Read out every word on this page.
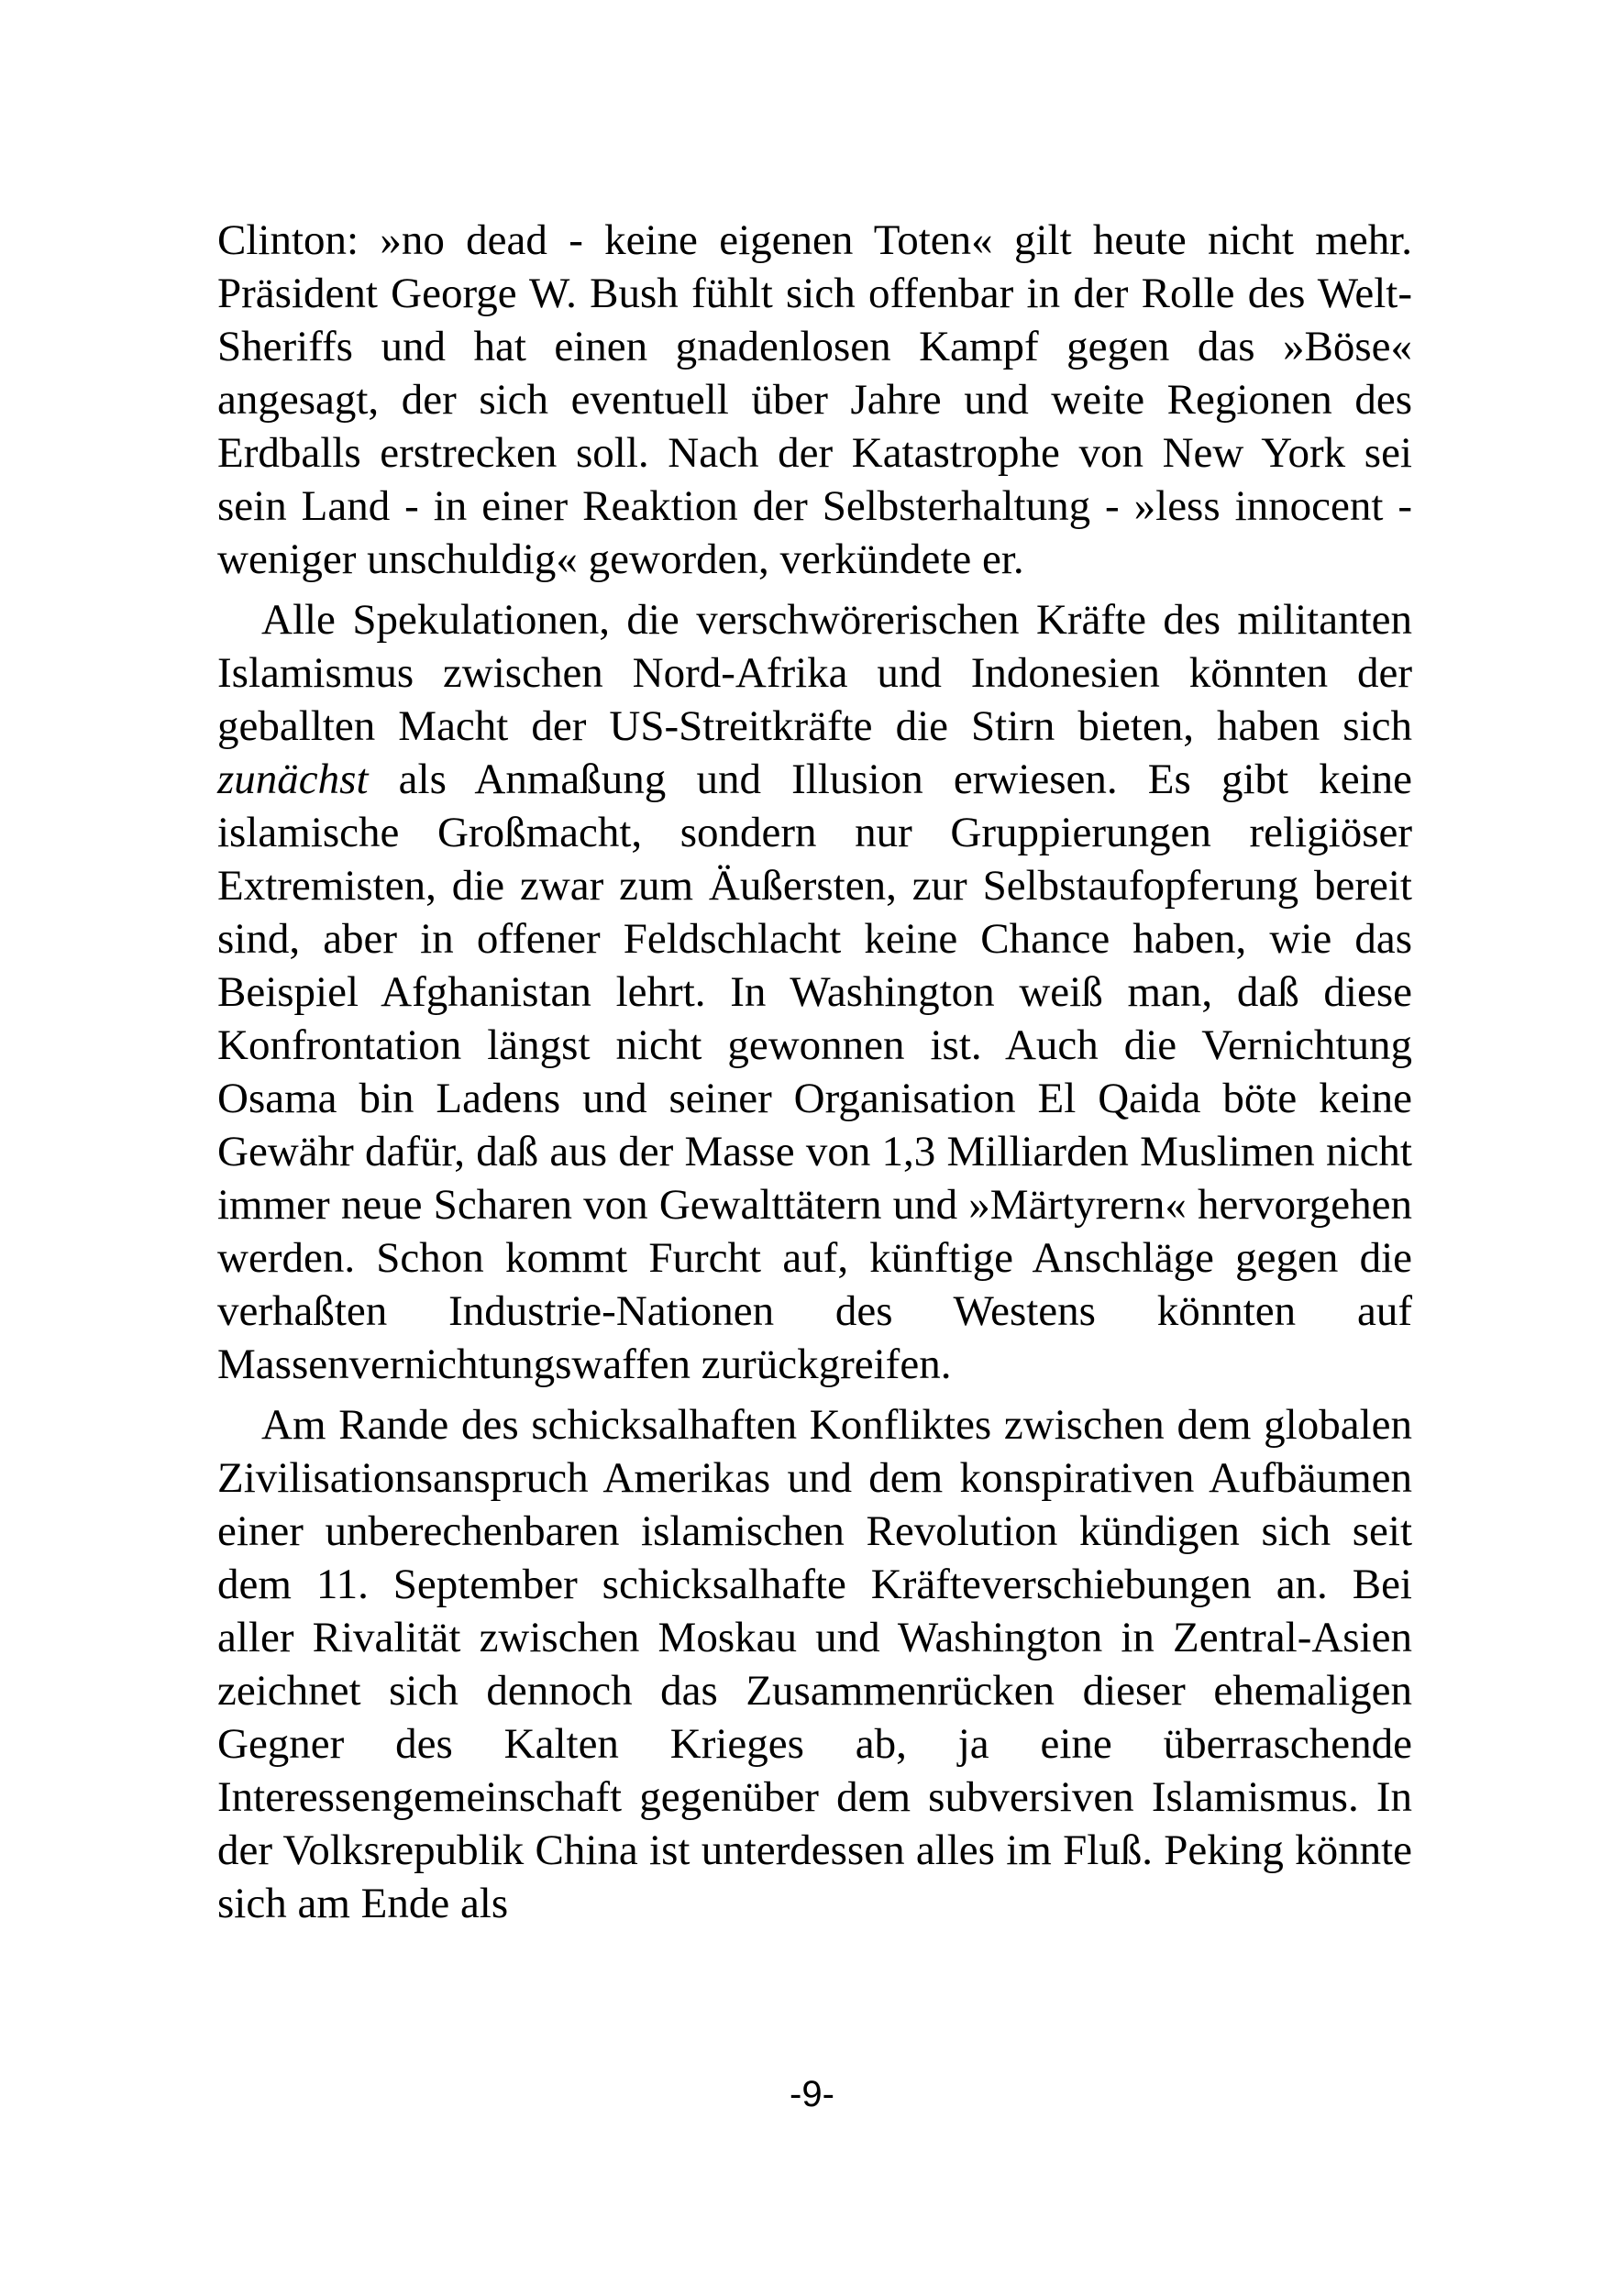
Clinton: »no dead - keine eigenen Toten« gilt heute nicht mehr. Präsident George W. Bush fühlt sich offenbar in der Rolle des Welt-Sheriffs und hat einen gnadenlosen Kampf gegen das »Böse« angesagt, der sich eventuell über Jahre und weite Regionen des Erdballs erstrecken soll. Nach der Katastrophe von New York sei sein Land - in einer Reaktion der Selbsterhaltung - »less innocent - weniger unschuldig« geworden, verkündete er.

Alle Spekulationen, die verschwörerischen Kräfte des militanten Islamismus zwischen Nord-Afrika und Indonesien könnten der geballten Macht der US-Streitkräfte die Stirn bieten, haben sich zunächst als Anmaßung und Illusion erwiesen. Es gibt keine islamische Großmacht, sondern nur Gruppierungen religiöser Extremisten, die zwar zum Äußersten, zur Selbstaufopferung bereit sind, aber in offener Feldschlacht keine Chance haben, wie das Beispiel Afghanistan lehrt. In Washington weiß man, daß diese Konfrontation längst nicht gewonnen ist. Auch die Vernichtung Osama bin Ladens und seiner Organisation El Qaida böte keine Gewähr dafür, daß aus der Masse von 1,3 Milliarden Muslimen nicht immer neue Scharen von Gewalttätern und »Märtyrern« hervorgehen werden. Schon kommt Furcht auf, künftige Anschläge gegen die verhaßten Industrie-Nationen des Westens könnten auf Massenvernichtungswaffen zurückgreifen.

Am Rande des schicksalhaften Konfliktes zwischen dem globalen Zivilisationsanspruch Amerikas und dem konspirativen Aufbäumen einer unberechenbaren islamischen Revolution kündigen sich seit dem 11. September schicksalhafte Kräfteverschiebungen an. Bei aller Rivalität zwischen Moskau und Washington in Zentral-Asien zeichnet sich dennoch das Zusammenrücken dieser ehemaligen Gegner des Kalten Krieges ab, ja eine überraschende Interessengemeinschaft gegenüber dem subversiven Islamismus. In der Volksrepublik China ist unterdessen alles im Fluß. Peking könnte sich am Ende als

-9-
